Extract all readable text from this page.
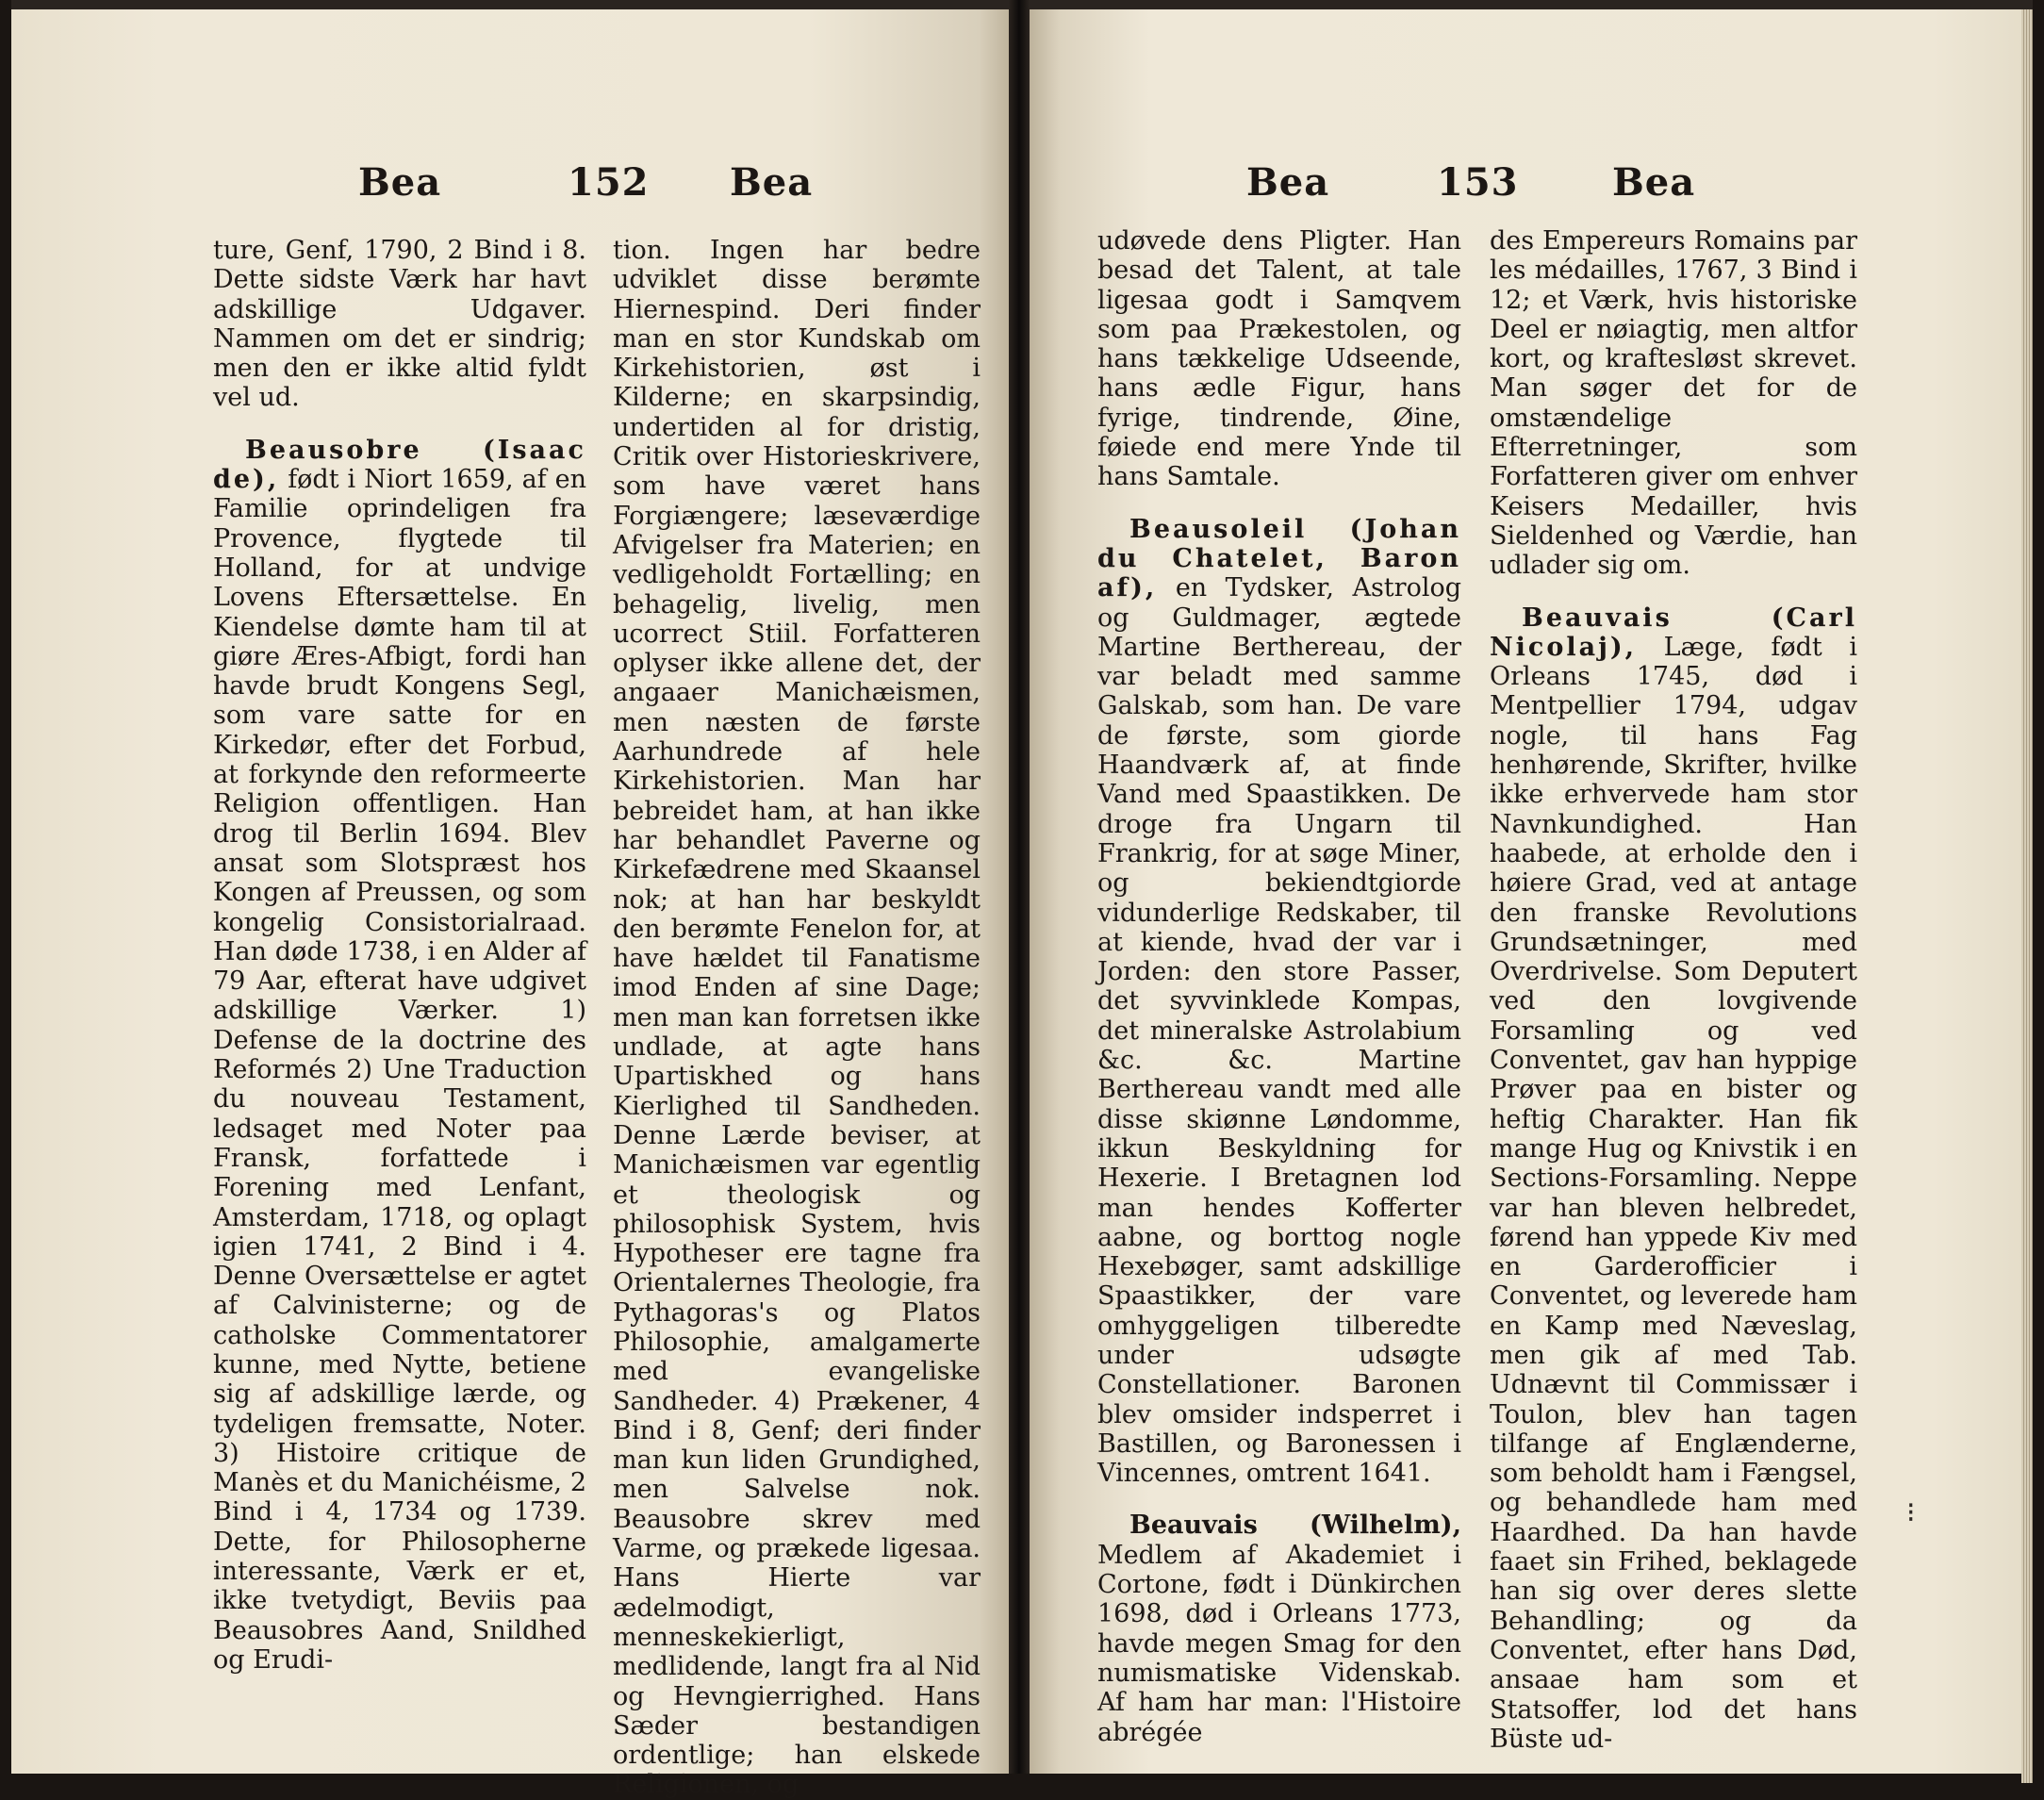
Bea	152 Bea

ture, Genf, 1790, 2 Bind i 8. Dette sidste Værk har havt adskillige Udgaver. Nammen om det er sindrig; men den er ikke altid fyldt vel ud.

Beausobre (Isaac de), født i Niort 1659, af en Familie oprindeligen fra Provence, flygtede til Holland, for at undvige Lovens Eftersættelse. En Kiendelse dømte ham til at giøre Æres-Afbigt, fordi han havde brudt Kongens Segl, som vare satte for en Kirkedør, efter det Forbud, at forkynde den reformeerte Religion offentligen. Han drog til Berlin 1694. Blev ansat som Slotspræst hos Kongen af Preussen, og som kongelig Consistorialraad. Han døde 1738, i en Alder af 79 Aar, efterat have udgivet adskillige Værker. 1) Defense de la doctrine des Reformés 2) Une Traduction du nouveau Testament, ledsaget med Noter paa Fransk, forfattede i Forening med Lenfant, Amsterdam, 1718, og oplagt igien 1741, 2 Bind i 4. Denne Oversættelse er agtet af Calvinisterne; og de catholske Commentatorer kunne, med Nytte, betiene sig af adskillige lærde, og tydeligen fremsatte, Noter. 3) Histoire critique de Manès et du Manichéisme, 2 Bind i 4, 1734 og 1739. Dette, for Philosopherne interessante, Værk er et, ikke tvetydigt, Beviis paa Beausobres Aand, Snildhed og Erudi-

tion. Ingen har bedre udviklet disse berømte Hiernespind. Deri finder man en stor Kundskab om Kirkehistorien, øst i Kilderne; en skarpsindig, undertiden al for dristig, Critik over Historieskrivere, som have været hans Forgiængere; læseværdige Afvigelser fra Materien; en vedligeholdt Fortælling; en behagelig, livelig, men ucorrect Stiil. Forfatteren oplyser ikke allene det, der angaaer Manichæismen, men næsten de første Aarhundrede af hele Kirkehistorien. Man har bebreidet ham, at han ikke har behandlet Paverne og Kirkefædrene med Skaansel nok; at han har beskyldt den berømte Fenelon for, at have hældet til Fanatisme imod Enden af sine Dage; men man kan forretsen ikke undlade, at agte hans Upartiskhed og hans Kierlighed til Sandheden. Denne Lærde beviser, at Manichæismen var egentlig et theologisk og philosophisk System, hvis Hypotheser ere tagne fra Orientalernes Theologie, fra Pythagoras's og Platos Philosophie, amalgamerte med evangeliske Sandheder. 4) Prækener, 4 Bind i 8, Genf; deri finder man kun liden Grundighed, men Salvelse nok. Beausobre skrev med Varme, og prækede ligesaa. Hans Hierte var ædelmodigt, menneskekierligt, medlidende, langt fra al Nid og Hevngierrighed. Hans Sæder bestandigen ordentlige; han elskede Religionen, og

Bea	153 Bea

udøvede dens Pligter. Han besad det Talent, at tale ligesaa godt i Samqvem som paa Prækestolen, og hans tækkelige Udseende, hans ædle Figur, hans fyrige, tindrende, Øine, føiede end mere Ynde til hans Samtale.

Beausoleil (Johan du Chatelet, Baron af), en Tydsker, Astrolog og Guldmager, ægtede Martine Berthereau, der var beladt med samme Galskab, som han. De vare de første, som giorde Haandværk af, at finde Vand med Spaastikken. De droge fra Ungarn til Frankrig, for at søge Miner, og bekiendtgiorde vidunderlige Redskaber, til at kiende, hvad der var i Jorden: den store Passer, det syvvinklede Kompas, det mineralske Astrolabium &c. &c. Martine Berthereau vandt med alle disse skiønne Løndomme, ikkun Beskyldning for Hexerie. I Bretagnen lod man hendes Kofferter aabne, og borttog nogle Hexebøger, samt adskillige Spaastikker, der vare omhyggeligen tilberedte under udsøgte Constellationer. Baronen blev omsider indsperret i Bastillen, og Baronessen i Vincennes, omtrent 1641.

Beauvais (Wilhelm), Medlem af Akademiet i Cortone, født i Dünkirchen 1698, død i Orleans 1773, havde megen Smag for den numismatiske Videnskab. Af ham har man: l'Histoire abrégée

des Empereurs Romains par les médailles, 1767, 3 Bind i 12; et Værk, hvis historiske Deel er nøiagtig, men altfor kort, og kraftesløst skrevet. Man søger det for de omstændelige Efterretninger, som Forfatteren giver om enhver Keisers Medailler, hvis Sieldenhed og Værdie, han udlader sig om.

Beauvais (Carl Nicolaj), Læge, født i Orleans 1745, død i Mentpellier 1794, udgav nogle, til hans Fag henhørende, Skrifter, hvilke ikke erhvervede ham stor Navnkundighed. Han haabede, at erholde den i høiere Grad, ved at antage den franske Revolutions Grundsætninger, med Overdrivelse. Som Deputert ved den lovgivende Forsamling og ved Conventet, gav han hyppige Prøver paa en bister og heftig Charakter. Han fik mange Hug og Knivstik i en Sections-Forsamling. Neppe var han bleven helbredet, førend han yppede Kiv med en Garderofficier i Conventet, og leverede ham en Kamp med Næveslag, men gik af med Tab. Udnævnt til Commissær i Toulon, blev han tagen tilfange af Englænderne, som beholdt ham i Fængsel, og behandlede ham med Haardhed. Da han havde faaet sin Frihed, beklagede han sig over deres slette Behandling; og da Conventet, efter hans Død, ansaae ham som et Statsoffer, lod det hans Büste ud-

⁝
